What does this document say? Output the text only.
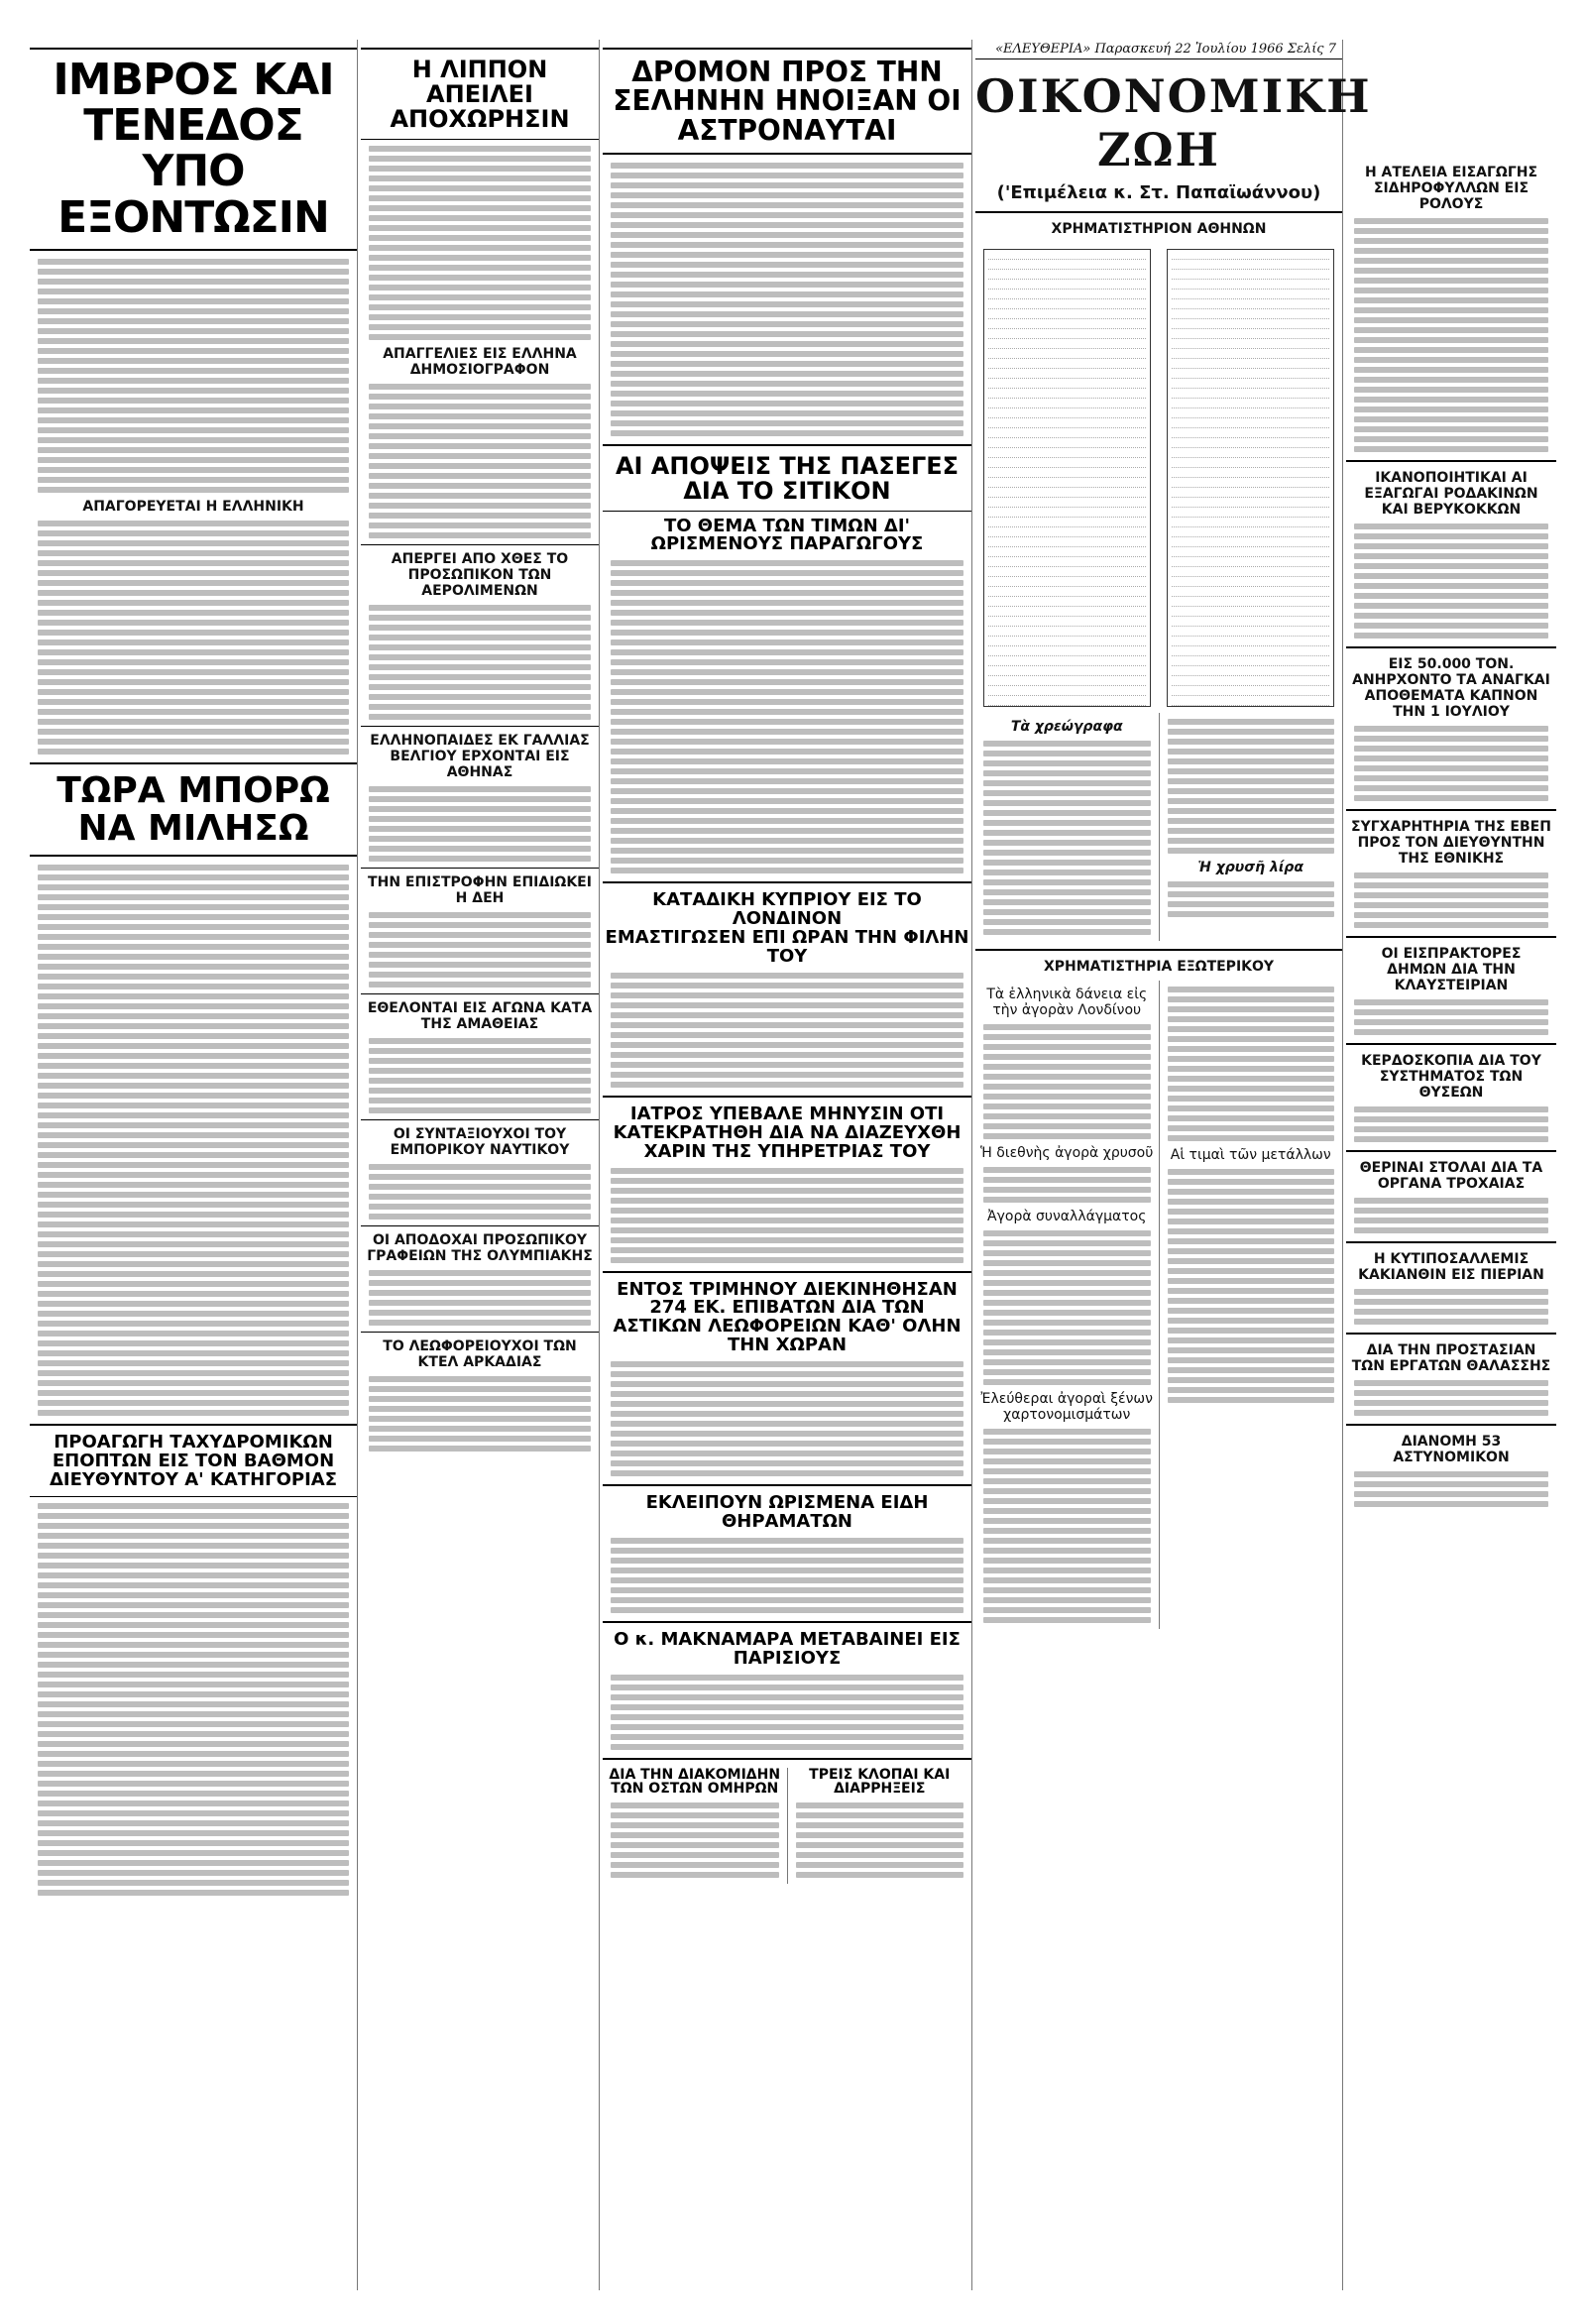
ΙΜΒΡΟΣ ΚΑΙ ΤΕΝΕΔΟΣ ΥΠΟ ΕΞΟΝΤΩΣΙΝ
ΑΠΑΓΟΡΕΥΕΤΑΙ Η ΕΛΛΗΝΙΚΗ
ΤΩΡΑ ΜΠΟΡΩ ΝΑ ΜΙΛΗΣΩ
ΠΡΟΑΓΩΓΗ ΤΑΧΥΔΡΟΜΙΚΩΝ ΕΠΟΠΤΩΝ ΕΙΣ ΤΟΝ ΒΑΘΜΟΝ ΔΙΕΥΘΥΝΤΟΥ Α' ΚΑΤΗΓΟΡΙΑΣ
Η ΛΙΠΠΟΝ ΑΠΕΙΛΕΙ ΑΠΟΧΩΡΗΣΙΝ
ΑΠΑΓΓΕΛΙΕΣ ΕΙΣ ΕΛΛΗΝΑ ΔΗΜΟΣΙΟΓΡΑΦΟΝ
ΑΠΕΡΓΕΙ ΑΠΟ ΧΘΕΣ ΤΟ ΠΡΟΣΩΠΙΚΟΝ ΤΩΝ ΑΕΡΟΛΙΜΕΝΩΝ
ΕΛΛΗΝΟΠΑΙΔΕΣ ΕΚ ΓΑΛΛΙΑΣ ΒΕΛΓΙΟΥ ΕΡΧΟΝΤΑΙ ΕΙΣ ΑΘΗΝΑΣ
ΤΗΝ ΕΠΙΣΤΡΟΦΗΝ ΕΠΙΔΙΩΚΕΙ Η ΔΕΗ
ΕΘΕΛΟΝΤΑΙ ΕΙΣ ΑΓΩΝΑ ΚΑΤΑ ΤΗΣ ΑΜΑΘΕΙΑΣ
ΟΙ ΣΥΝΤΑΞΙΟΥΧΟΙ ΤΟΥ ΕΜΠΟΡΙΚΟΥ ΝΑΥΤΙΚΟΥ
ΟΙ ΑΠΟΔΟΧΑΙ ΠΡΟΣΩΠΙΚΟΥ ΓΡΑΦΕΙΩΝ ΤΗΣ ΟΛΥΜΠΙΑΚΗΣ
ΤΟ ΛΕΩΦΟΡΕΙΟΥΧΟΙ ΤΩΝ ΚΤΕΛ ΑΡΚΑΔΙΑΣ
ΔΡΟΜΟΝ ΠΡΟΣ ΤΗΝ ΣΕΛΗΝΗΝ ΗΝΟΙΞΑΝ ΟΙ ΑΣΤΡΟΝΑΥΤΑΙ
ΑΙ ΑΠΟΨΕΙΣ ΤΗΣ ΠΑΣΕΓΕΣ ΔΙΑ ΤΟ ΣΙΤΙΚΟΝ
ΤΟ ΘΕΜΑ ΤΩΝ ΤΙΜΩΝ ΔΙ' ΩΡΙΣΜΕΝΟΥΣ ΠΑΡΑΓΩΓΟΥΣ
ΚΑΤΑΔΙΚΗ ΚΥΠΡΙΟΥ ΕΙΣ ΤΟ ΛΟΝΔΙΝΟΝ
ΕΜΑΣΤΙΓΩΣΕΝ ΕΠΙ ΩΡΑΝ ΤΗΝ ΦΙΛΗΝ ΤΟΥ
ΙΑΤΡΟΣ ΥΠΕΒΑΛΕ ΜΗΝΥΣΙΝ ΟΤΙ ΚΑΤΕΚΡΑΤΗΘΗ ΔΙΑ ΝΑ ΔΙΑΖΕΥΧΘΗ ΧΑΡΙΝ ΤΗΣ ΥΠΗΡΕΤΡΙΑΣ ΤΟΥ
ΕΝΤΟΣ ΤΡΙΜΗΝΟΥ ΔΙΕΚΙΝΗΘΗΣΑΝ 274 ΕΚ. ΕΠΙΒΑΤΩΝ ΔΙΑ ΤΩΝ ΑΣΤΙΚΩΝ ΛΕΩΦΟΡΕΙΩΝ ΚΑΘ' ΟΛΗΝ ΤΗΝ ΧΩΡΑΝ
ΕΚΛΕΙΠΟΥΝ ΩΡΙΣΜΕΝΑ ΕΙΔΗ ΘΗΡΑΜΑΤΩΝ
Ο κ. ΜΑΚΝΑΜΑΡΑ ΜΕΤΑΒΑΙΝΕΙ ΕΙΣ ΠΑΡΙΣΙΟΥΣ
ΔΙΑ ΤΗΝ ΔΙΑΚΟΜΙΔΗΝ ΤΩΝ ΟΣΤΩΝ ΟΜΗΡΩΝ
ΤΡΕΙΣ ΚΛΟΠΑΙ ΚΑΙ ΔΙΑΡΡΗΞΕΙΣ
«ΕΛΕΥΘΕΡΙΑ» Παρασκευή 22 Ἰουλίου 1966 Σελίς 7
ΟΙΚΟΝΟΜΙΚΗ ΖΩΗ
('Επιμέλεια κ. Στ. Παπαϊωάννου)
ΧΡΗΜΑΤΙΣΤΗΡΙΟΝ ΑΘΗΝΩΝ
Τὰ χρεώγραφα
Ἡ χρυσῆ λίρα
ΧΡΗΜΑΤΙΣΤΗΡΙΑ ΕΞΩΤΕΡΙΚΟΥ
Τὰ ἑλληνικὰ δάνεια εἰς τὴν ἀγορὰν Λονδίνου
Ἡ διεθνὴς ἀγορὰ χρυσοῦ
Ἀγορὰ συναλλάγματος
Ἐλεύθεραι ἀγοραὶ ξένων χαρτονομισμάτων
Αἱ τιμαὶ τῶν μετάλλων
Η ΑΤΕΛΕΙΑ ΕΙΣΑΓΩΓΗΣ ΣΙΔΗΡΟΦΥΛΛΩΝ ΕΙΣ ΡΟΛΟΥΣ
ΙΚΑΝΟΠΟΙΗΤΙΚΑΙ ΑΙ ΕΞΑΓΩΓΑΙ ΡΟΔΑΚΙΝΩΝ ΚΑΙ ΒΕΡΥΚΟΚΚΩΝ
ΕΙΣ 50.000 ΤΟΝ. ΑΝΗΡΧΟΝΤΟ ΤΑ ΑΝΑΓΚΑΙ ΑΠΟΘΕΜΑΤΑ ΚΑΠΝΟΝ ΤΗΝ 1 ΙΟΥΛΙΟΥ
ΣΥΓΧΑΡΗΤΗΡΙΑ ΤΗΣ ΕΒΕΠ ΠΡΟΣ ΤΟΝ ΔΙΕΥΘΥΝΤΗΝ ΤΗΣ ΕΘΝΙΚΗΣ
ΟΙ ΕΙΣΠΡΑΚΤΟΡΕΣ ΔΗΜΩΝ ΔΙΑ ΤΗΝ ΚΛΑΥΣΤΕΙΡΙΑΝ
ΚΕΡΔΟΣΚΟΠΙΑ ΔΙΑ ΤΟΥ ΣΥΣΤΗΜΑΤΟΣ ΤΩΝ ΘΥΣΕΩΝ
ΘΕΡΙΝΑΙ ΣΤΟΛΑΙ ΔΙΑ ΤΑ ΟΡΓΑΝΑ ΤΡΟΧΑΙΑΣ
Η ΚΥΤΙΠΟΣΑΛΛΕΜΙΣ ΚΑΚΙΑΝΘΙΝ ΕΙΣ ΠΙΕΡΙΑΝ
ΔΙΑ ΤΗΝ ΠΡΟΣΤΑΣΙΑΝ ΤΩΝ ΕΡΓΑΤΩΝ ΘΑΛΑΣΣΗΣ
ΔΙΑΝΟΜΗ 53 ΑΣΤΥΝΟΜΙΚΟΝ
